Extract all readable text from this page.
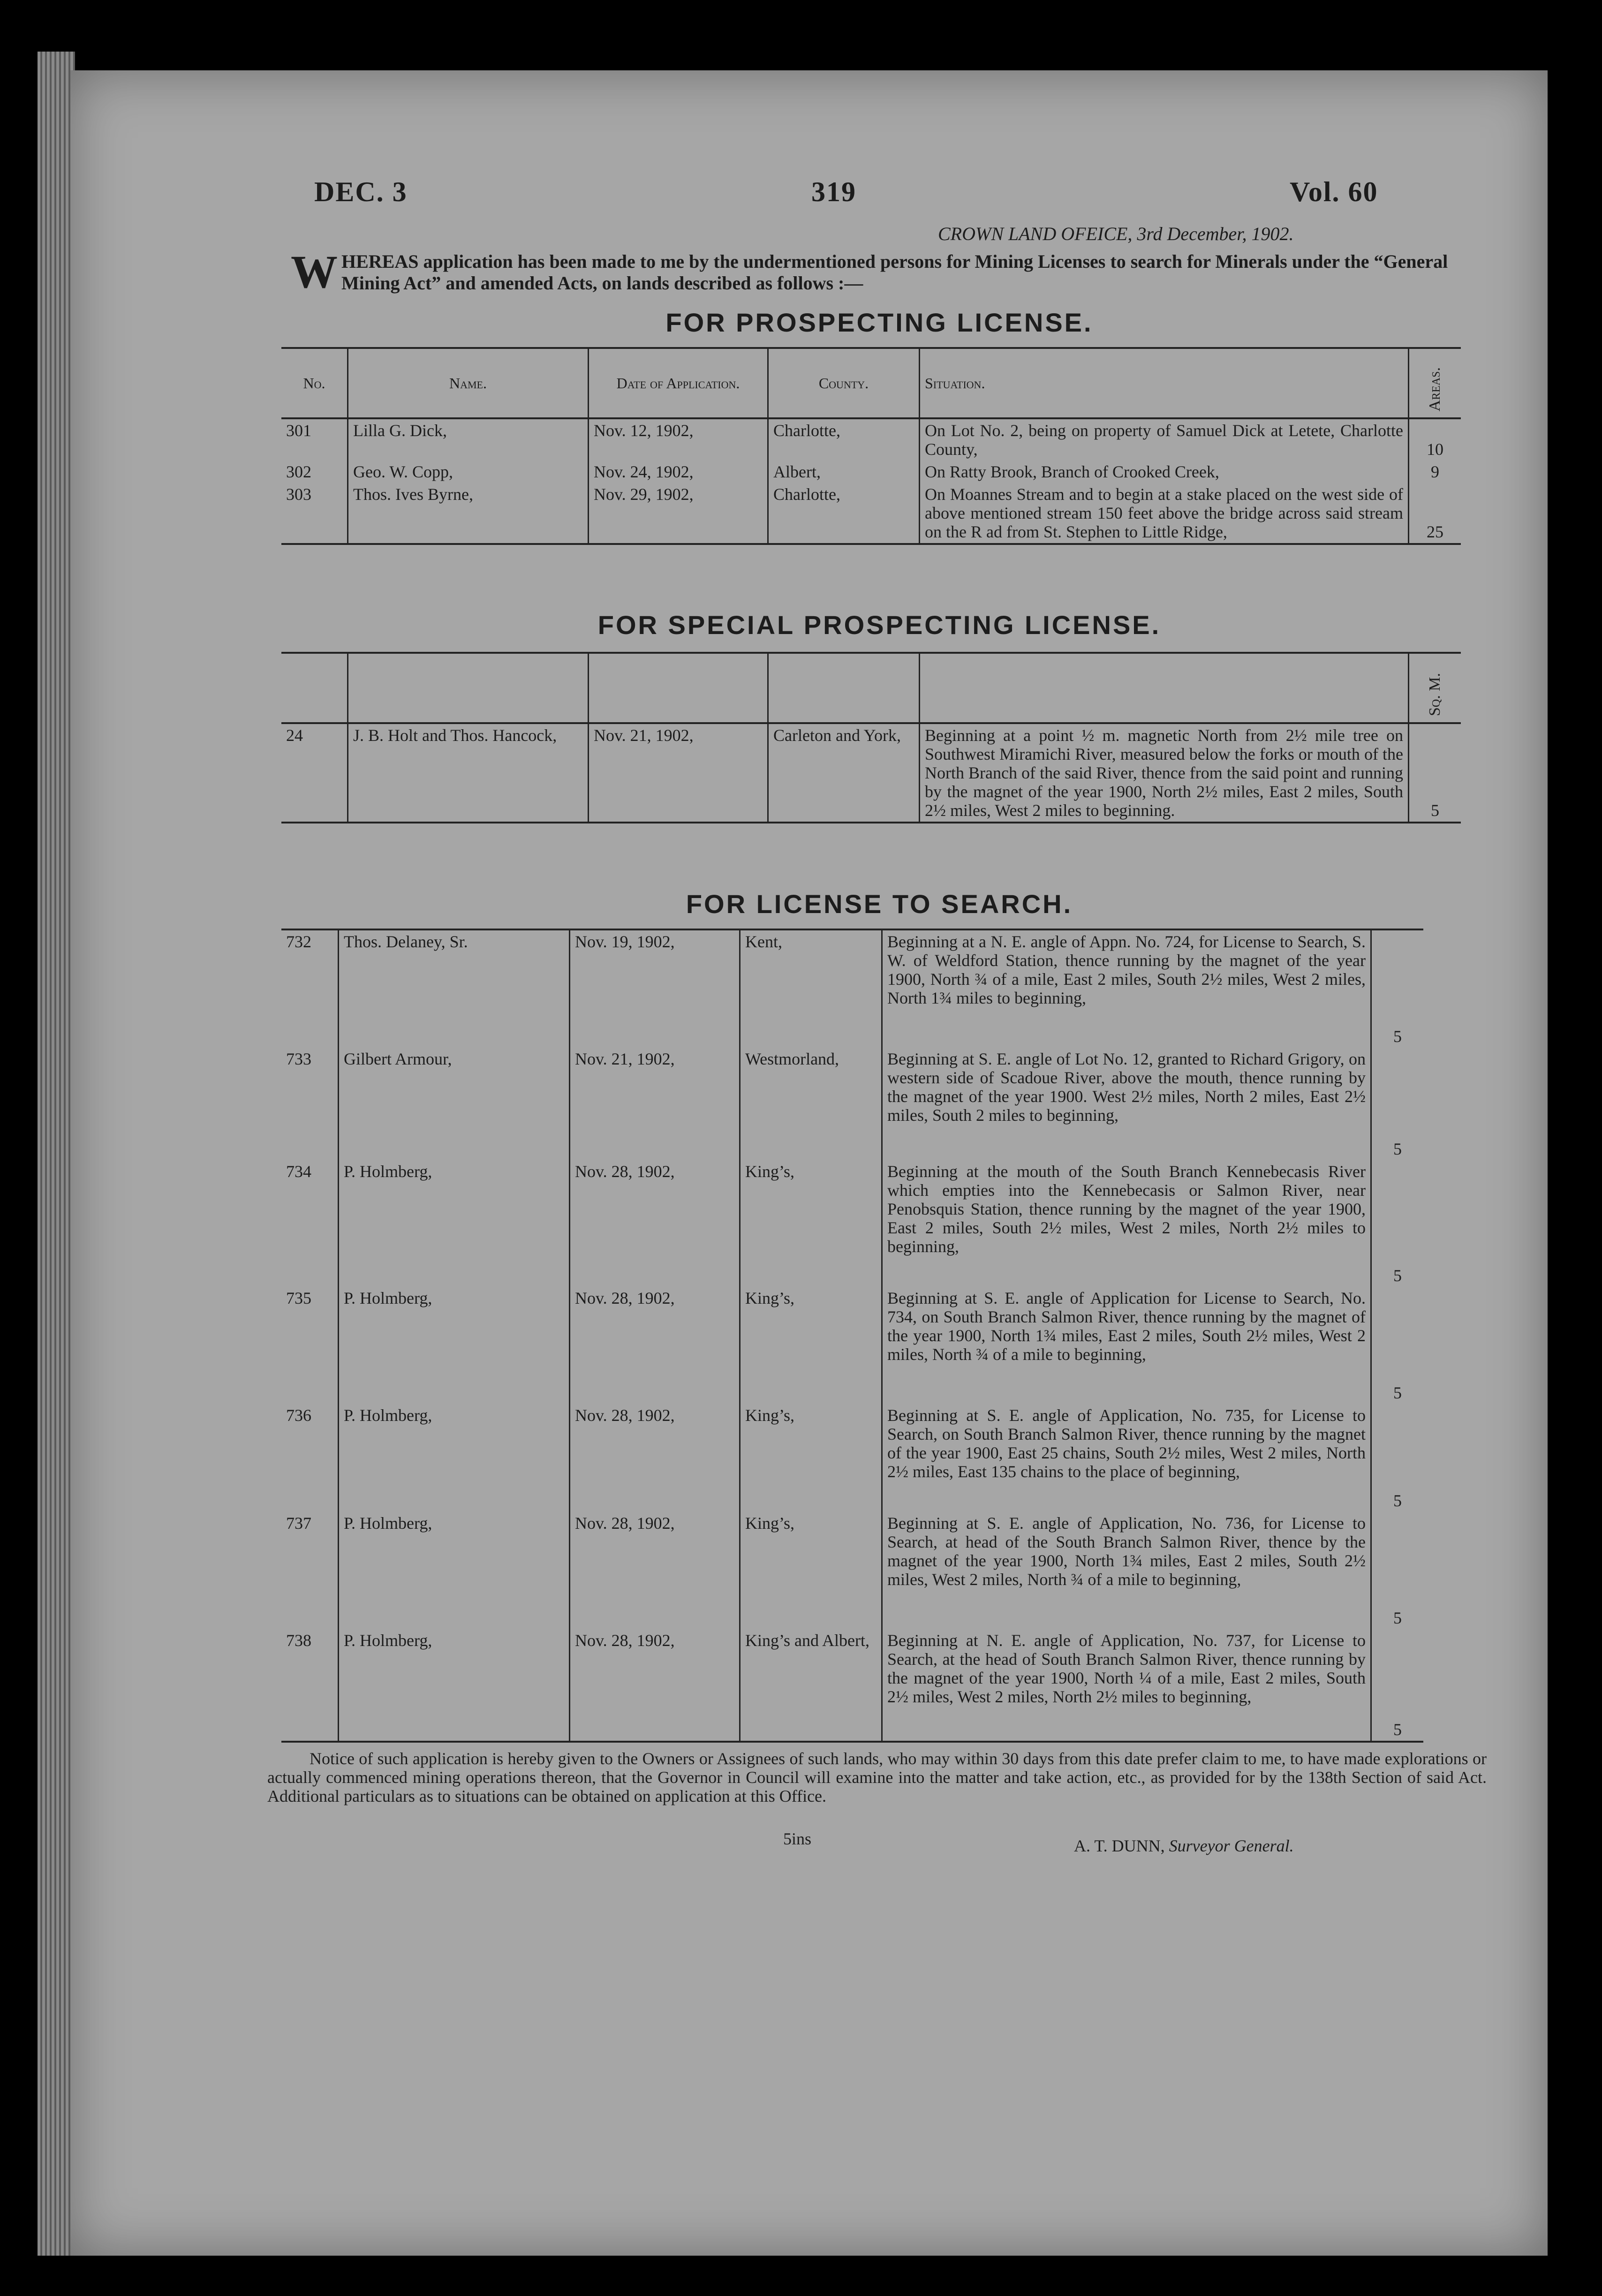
DEC. 3	319	Vol. 60
CROWN LAND OFEICE, 3rd December, 1902.
W HEREAS application has been made to me by the undermentioned persons for Mining Licenses to search for Minerals under the “General Mining Act” and amended Acts, on lands described as follows :—
FOR PROSPECTING LICENSE.
No.	Name.	Date of Application.	County.	Situation.	Areas.
301	Lilla G. Dick,	Nov. 12, 1902,	Charlotte,	On Lot No. 2, being on property of Samuel Dick at Letete, Charlotte County,	10
302	Geo. W. Copp,	Nov. 24, 1902,	Albert,	On Ratty Brook, Branch of Crooked Creek,	9
303	Thos. Ives Byrne,	Nov. 29, 1902,	Charlotte,	On Moannes Stream and to begin at a stake placed on the west side of above mentioned stream 150 feet above the bridge across said stream on the R ad from St. Stephen to Little Ridge,	25
FOR SPECIAL PROSPECTING LICENSE.
					Sq. M.
24	J. B. Holt and Thos. Hancock,	Nov. 21, 1902,	Carleton and York,	Beginning at a point ½ m. magnetic North from 2½ mile tree on Southwest Miramichi River, measured below the forks or mouth of the North Branch of the said River, thence from the said point and running by the magnet of the year 1900, North 2½ miles, East 2 miles, South 2½ miles, West 2 miles to beginning.	5
FOR LICENSE TO SEARCH.

732	Thos. Delaney, Sr.	Nov. 19, 1902,	Kent,	Beginning at a N. E. angle of Appn. No. 724, for License to Search, S. W. of Weldford Station, thence running by the magnet of the year 1900, North ¾ of a mile, East 2 miles, South 2½ miles, West 2 miles, North 1¾ miles to beginning,	5
733	Gilbert Armour,	Nov. 21, 1902,	Westmorland,	Beginning at S. E. angle of Lot No. 12, granted to Richard Grigory, on western side of Scadoue River, above the mouth, thence running by the magnet of the year 1900. West 2½ miles, North 2 miles, East 2½ miles, South 2 miles to beginning,	5
734	P. Holmberg,	Nov. 28, 1902,	King’s,	Beginning at the mouth of the South Branch Kennebecasis River which empties into the Kennebecasis or Salmon River, near Penobsquis Station, thence running by the magnet of the year 1900, East 2 miles, South 2½ miles, West 2 miles, North 2½ miles to beginning,	5
735	P. Holmberg,	Nov. 28, 1902,	King’s,	Beginning at S. E. angle of Application for License to Search, No. 734, on South Branch Salmon River, thence running by the magnet of the year 1900, North 1¾ miles, East 2 miles, South 2½ miles, West 2 miles, North ¾ of a mile to beginning,	5
736	P. Holmberg,	Nov. 28, 1902,	King’s,	Beginning at S. E. angle of Application, No. 735, for License to Search, on South Branch Salmon River, thence running by the magnet of the year 1900, East 25 chains, South 2½ miles, West 2 miles, North 2½ miles, East 135 chains to the place of beginning,	5
737	P. Holmberg,	Nov. 28, 1902,	King’s,	Beginning at S. E. angle of Application, No. 736, for License to Search, at head of the South Branch Salmon River, thence by the magnet of the year 1900, North 1¾ miles, East 2 miles, South 2½ miles, West 2 miles, North ¾ of a mile to beginning,	5
738	P. Holmberg,	Nov. 28, 1902,	King’s and Albert,	Beginning at N. E. angle of Application, No. 737, for License to Search, at the head of South Branch Salmon River, thence running by the magnet of the year 1900, North ¼ of a mile, East 2 miles, South 2½ miles, West 2 miles, North 2½ miles to beginning,	5
Notice of such application is hereby given to the Owners or Assignees of such lands, who may within 30 days from this date prefer claim to me, to have made explorations or actually commenced mining operations thereon, that the Governor in Council will examine into the matter and take action, etc., as provided for by the 138th Section of said Act. Additional particulars as to situations can be obtained on application at this Office.
5ins	A. T. DUNN, Surveyor General.
